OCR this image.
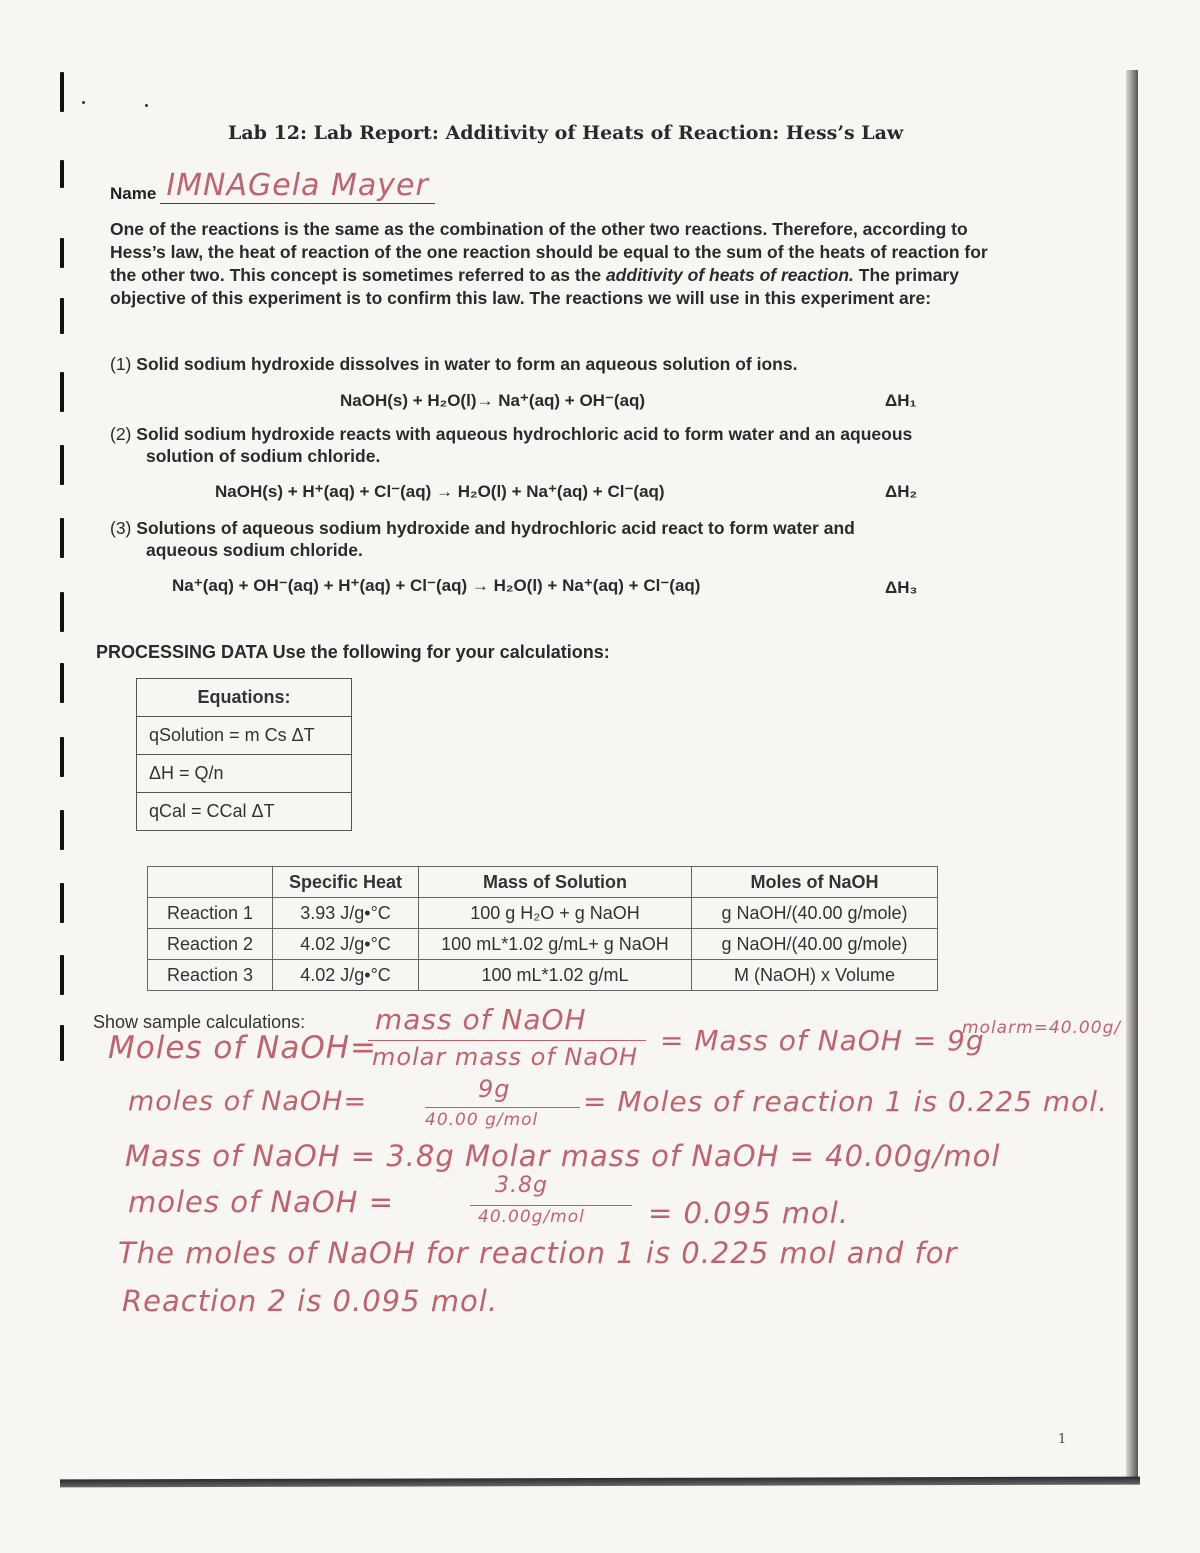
Lab 12: Lab Report: Additivity of Heats of Reaction: Hess’s Law
Name IMNAGela Mayer
One of the reactions is the same as the combination of the other two reactions. Therefore, according to Hess’s law, the heat of reaction of the one reaction should be equal to the sum of the heats of reaction for the other two. This concept is sometimes referred to as the additivity of heats of reaction. The primary objective of this experiment is to confirm this law. The reactions we will use in this experiment are:
(1) Solid sodium hydroxide dissolves in water to form an aqueous solution of ions.
NaOH(s) + H₂O(l)→ Na⁺(aq) + OH⁻(aq)	ΔH₁
(2) Solid sodium hydroxide reacts with aqueous hydrochloric acid to form water and an aqueous solution of sodium chloride.
NaOH(s) + H⁺(aq) + Cl⁻(aq) → H₂O(l) + Na⁺(aq) + Cl⁻(aq)	ΔH₂
(3) Solutions of aqueous sodium hydroxide and hydrochloric acid react to form water and aqueous sodium chloride.
Na⁺(aq) + OH⁻(aq) + H⁺(aq) + Cl⁻(aq) → H₂O(l) + Na⁺(aq) + Cl⁻(aq)	ΔH₃
PROCESSING DATA Use the following for your calculations:
Equations:
qSolution = m Cs ΔT
ΔH = Q/n
qCal = CCal ΔT
	Specific Heat	Mass of Solution	Moles of NaOH
Reaction 1	3.93 J/g•°C	100 g H₂O + g NaOH	g NaOH/(40.00 g/mole)
Reaction 2	4.02 J/g•°C	100 mL*1.02 g/mL+ g NaOH	g NaOH/(40.00 g/mole)
Reaction 3	4.02 J/g•°C	100 mL*1.02 g/mL	M (NaOH) x Volume
Show sample calculations: mass of NaOH
Moles of NaOH=
molar mass of NaOH = Mass of NaOH = 9g
molarm=40.00g/
moles of NaOH=	9g
40.00 g/mol
= Moles of reaction 1 is 0.225 mol.
Mass of NaOH = 3.8g Molar mass of NaOH = 40.00g/mol
moles of NaOH =	3.8g
40.00g/mol = 0.095 mol.
The moles of NaOH for reaction 1 is 0.225 mol and for
Reaction 2 is 0.095 mol.
1
